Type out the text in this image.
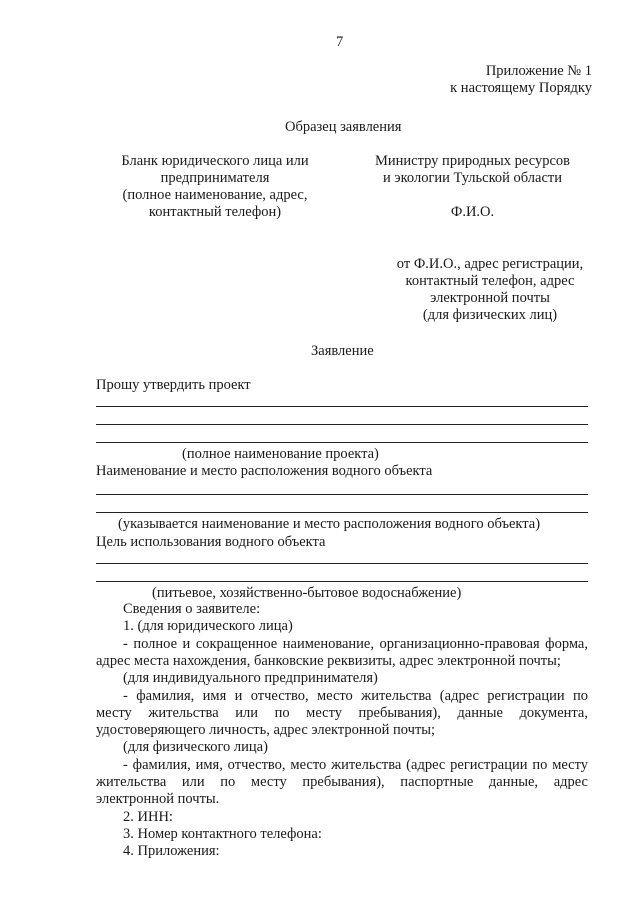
7
Приложение № 1
к настоящему Порядку
Образец заявления
Бланк юридического лица или
предпринимателя
(полное наименование, адрес,
контактный телефон)
Министру природных ресурсов
и экологии Тульской области
Ф.И.О.
от Ф.И.О., адрес регистрации,
контактный телефон, адрес
электронной почты
(для физических лиц)
Заявление
Прошу утвердить проект
(полное наименование проекта)
Наименование и место расположения водного объекта
(указывается наименование и место расположения водного объекта)
Цель использования водного объекта
(питьевое, хозяйственно-бытовое водоснабжение)
Сведения о заявителе:
1. (для юридического лица)
- полное и сокращенное наименование, организационно-правовая форма,
адрес места нахождения, банковские реквизиты, адрес электронной почты;
(для индивидуального предпринимателя)
- фамилия, имя и отчество, место жительства (адрес регистрации по
месту жительства или по месту пребывания), данные документа,
удостоверяющего личность, адрес электронной почты;
(для физического лица)
- фамилия, имя, отчество, место жительства (адрес регистрации по месту
жительства или по месту пребывания), паспортные данные, адрес
электронной почты.
2. ИНН:
3. Номер контактного телефона:
4. Приложения:
